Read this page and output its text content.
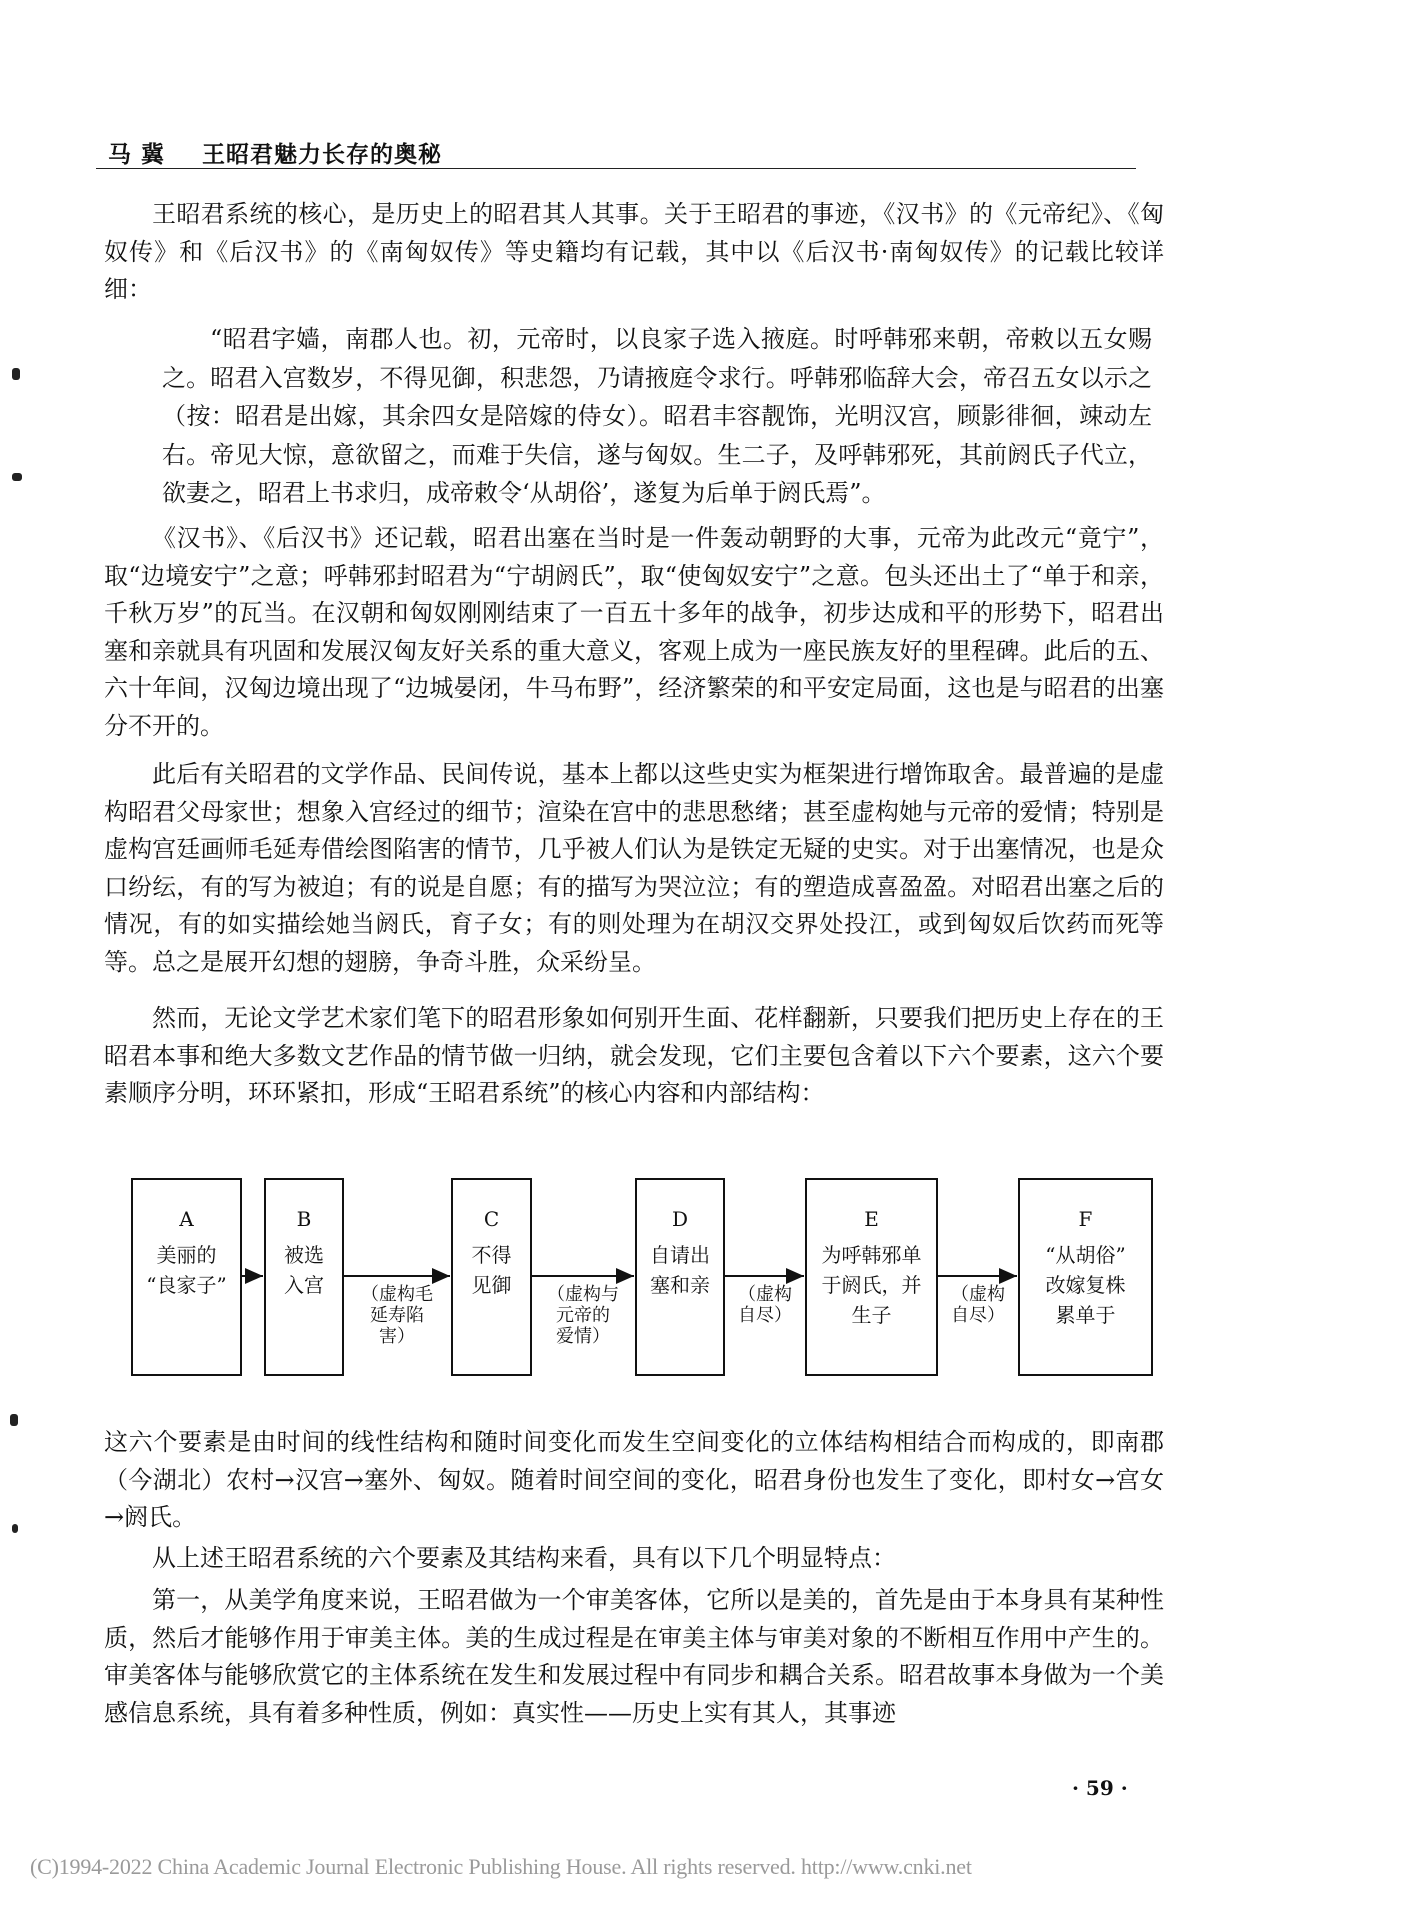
马 冀 王昭君魅力长存的奥秘
王昭君系统的核心，是历史上的昭君其人其事。关于王昭君的事迹，《汉书》的《元帝纪》、《匈奴传》和《后汉书》的《南匈奴传》等史籍均有记载，其中以《后汉书·南匈奴传》的记载比较详细：
“昭君字嫱，南郡人也。初，元帝时，以良家子选入掖庭。时呼韩邪来朝，帝敕以五女赐之。昭君入宫数岁，不得见御，积悲怨，乃请掖庭令求行。呼韩邪临辞大会，帝召五女以示之（按：昭君是出嫁，其余四女是陪嫁的侍女）。昭君丰容靓饰，光明汉宫，顾影徘徊，竦动左右。帝见大惊，意欲留之，而难于失信，遂与匈奴。生二子，及呼韩邪死，其前阏氏子代立，欲妻之，昭君上书求归，成帝敕令‘从胡俗’，遂复为后单于阏氏焉”。
《汉书》、《后汉书》还记载，昭君出塞在当时是一件轰动朝野的大事，元帝为此改元“竟宁”，取“边境安宁”之意；呼韩邪封昭君为“宁胡阏氏”，取“使匈奴安宁”之意。包头还出土了“单于和亲，千秋万岁”的瓦当。在汉朝和匈奴刚刚结束了一百五十多年的战争，初步达成和平的形势下，昭君出塞和亲就具有巩固和发展汉匈友好关系的重大意义，客观上成为一座民族友好的里程碑。此后的五、六十年间，汉匈边境出现了“边城晏闭，牛马布野”，经济繁荣的和平安定局面，这也是与昭君的出塞分不开的。
此后有关昭君的文学作品、民间传说，基本上都以这些史实为框架进行增饰取舍。最普遍的是虚构昭君父母家世；想象入宫经过的细节；渲染在宫中的悲思愁绪；甚至虚构她与元帝的爱情；特别是虚构宫廷画师毛延寿借绘图陷害的情节，几乎被人们认为是铁定无疑的史实。对于出塞情况，也是众口纷纭，有的写为被迫；有的说是自愿；有的描写为哭泣泣；有的塑造成喜盈盈。对昭君出塞之后的情况，有的如实描绘她当阏氏，育子女；有的则处理为在胡汉交界处投江，或到匈奴后饮药而死等等。总之是展开幻想的翅膀，争奇斗胜，众采纷呈。
然而，无论文学艺术家们笔下的昭君形象如何别开生面、花样翻新，只要我们把历史上存在的王昭君本事和绝大多数文艺作品的情节做一归纳，就会发现，它们主要包含着以下六个要素，这六个要素顺序分明，环环紧扣，形成“王昭君系统”的核心内容和内部结构：
A	B	C	D	E	F
美丽的
“良家子”
被选
入宫
不得
见御
自请出
塞和亲
为呼韩邪单
于阏氏，并
生子
“从胡俗”
改嫁复株
累单于
（虚构毛
延寿陷
害）
（虚构与
元帝的
爱情）
（虚构
自尽）
（虚构
自尽）
这六个要素是由时间的线性结构和随时间变化而发生空间变化的立体结构相结合而构成的，即南郡（今湖北）农村→汉宫→塞外、匈奴。随着时间空间的变化，昭君身份也发生了变化，即村女→宫女→阏氏。
从上述王昭君系统的六个要素及其结构来看，具有以下几个明显特点：
第一，从美学角度来说，王昭君做为一个审美客体，它所以是美的，首先是由于本身具有某种性质，然后才能够作用于审美主体。美的生成过程是在审美主体与审美对象的不断相互作用中产生的。审美客体与能够欣赏它的主体系统在发生和发展过程中有同步和耦合关系。昭君故事本身做为一个美感信息系统，具有着多种性质，例如：真实性——历史上实有其人，其事迹
· 59 ·
(C)1994-2022 China Academic Journal Electronic Publishing House. All rights reserved. http://www.cnki.net
